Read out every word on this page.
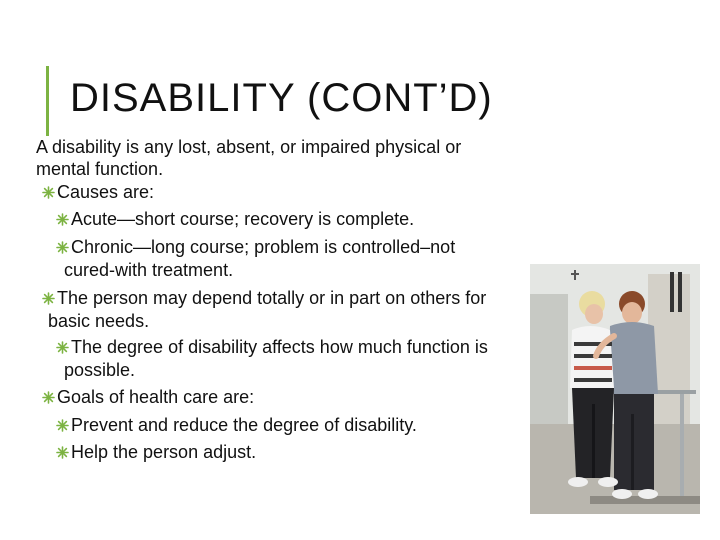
DISABILITY (CONT’D)
A disability is any lost, absent, or impaired physical or
mental function.
Causes are:
Acute—short course; recovery is complete.
Chronic—long course; problem is controlled–not
cured-with treatment.
The person may depend totally or in part on others for
basic needs.
The degree of disability affects how much function is
possible.
Goals of health care are:
Prevent and reduce the degree of disability.
Help the person adjust.
